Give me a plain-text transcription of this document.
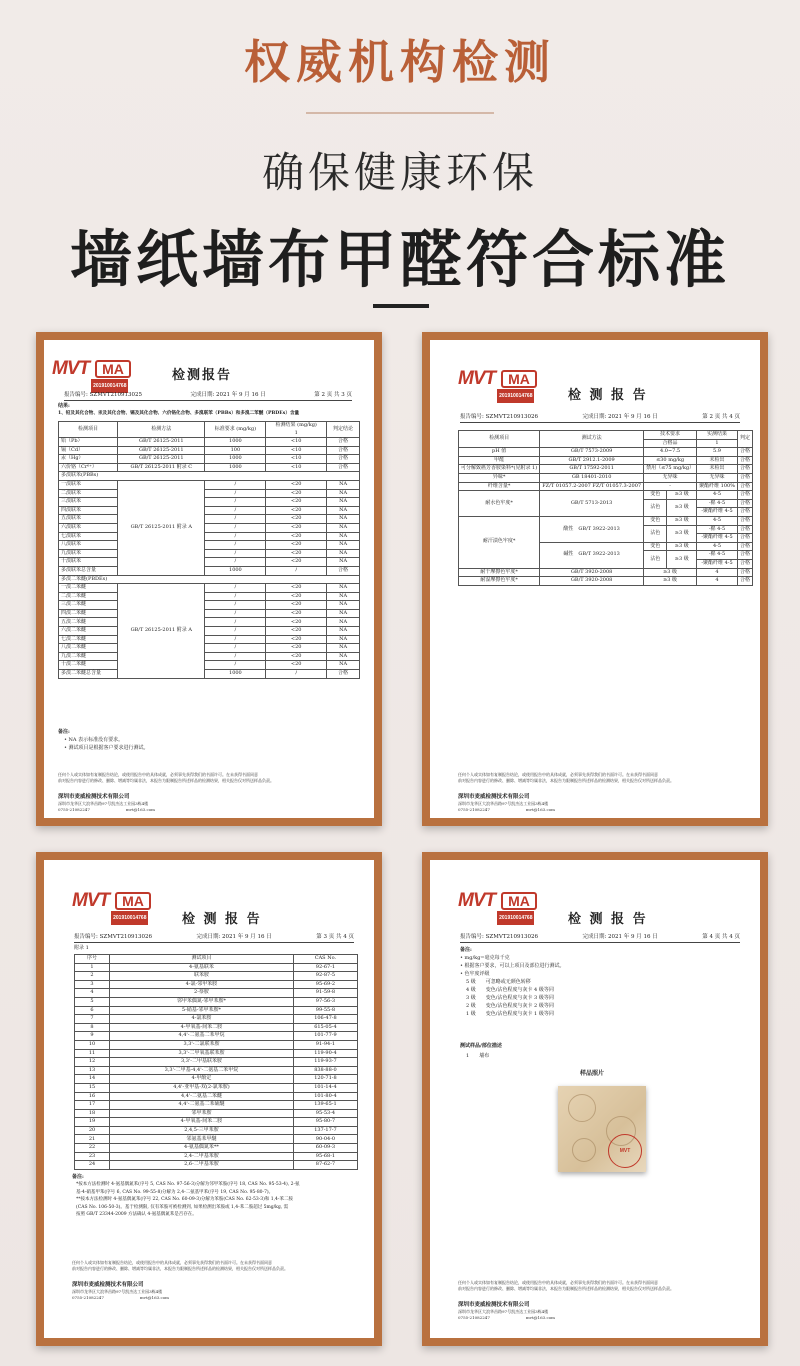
权威机构检测
确保健康环保
墙纸墙布甲醛符合标准
MVT MA
201910014768
检测报告
报告编号: SZMVT210913025	完成日期: 2021 年 9 月 16 日	第 2 页 共 3 页
结果:
1、铅及其化合物、汞及其化合物、镉及其化合物、六价铬化合物、多溴联苯（PBBs）和多溴二苯醚（PBDEs）含量
检测项目	检测方法	标准要求 (mg/kg)	检测结果 (mg/kg)
1	判定结论
铅（Pb）	GB/T 26125-2011	1000	<10	合格
镉（Cd）	GB/T 26125-2011	100	<10	合格
汞（Hg）	GB/T 26125-2011	1000	<10	合格
六价铬（Cr⁶⁺）	GB/T 26125-2011 附录 C	1000	<10	合格
多溴联苯(PBBs)				
一溴联苯	GB/T 26125-2011 附录 A	/	<20	NA
二溴联苯		/	<20	NA
三溴联苯		/	<20	NA
四溴联苯		/	<20	NA
五溴联苯		/	<20	NA
六溴联苯		/	<20	NA
七溴联苯		/	<20	NA
八溴联苯		/	<20	NA
九溴联苯		/	<20	NA
十溴联苯		/	<20	NA
多溴联苯总含量		1000	/	合格
多溴二苯醚(PBDEs)				
一溴二苯醚	GB/T 26125-2011 附录 A	/	<20	NA
二溴二苯醚		/	<20	NA
三溴二苯醚		/	<20	NA
四溴二苯醚		/	<20	NA
五溴二苯醚		/	<20	NA
六溴二苯醚		/	<20	NA
七溴二苯醚		/	<20	NA
八溴二苯醚		/	<20	NA
九溴二苯醚		/	<20	NA
十溴二苯醚		/	<20	NA
多溴二苯醚总含量		1000	/	合格
备注:
• NA 表示标准没有要求。
• 测试项目是根据客户要求进行测试。
任何个人或实体如有复制报告结论，或使用报告中的具体成就，必须事先获得我们的书面许可。在未获得书面同意
前对报告内容进行的修改、删除、增减等均属非法，本报告为限制报告所述样品的检测结果，相关报告仅对所送样品负责。
深圳市麦威检测技术有限公司
深圳市龙华区大浪华昌路97号凯杰达工业园3栋4楼
0755-21082247　　　　　　　　　	mvt@163.com
MVT MA
201910014768	检 测 报 告
报告编号: SZMVT210913026	完成日期: 2021 年 9 月 16 日	第 2 页 共 4 页
检测项目	测试方法	技术要求		实测结果	判定
		合格品		1	
pH 值	GB/T 7573-2009	4.0~7.5		5.9	合格
甲醛	GB/T 2912.1-2009	≤30 mg/kg		未检出	合格
可分解致癌芳香胺染料*(见附录 1)	GB/T 17592-2011	禁用（≤75 mg/kg）		未检出	合格
异味*	GB 18401-2010	无异味		无异味	合格
纤维含量*	FZ/T 01057.2-2007 FZ/T 01057.3-2007	-		聚酯纤维 100%	合格
耐水色牢度*	GB/T 5713-2013	变色	≥3 级	4-5	合格
		沾色	≥3 级	-棉 4-5	合格
				-聚酯纤维 4-5	合格
耐汗渍色牢度*	酸性　GB/T 3922-2013	变色	≥3 级	4-5	合格
		沾色	≥3 级	-棉 4-5	合格
				-聚酯纤维 4-5	合格
	碱性　GB/T 3922-2013	变色	≥3 级	4-5	合格
		沾色	≥3 级	-棉 4-5	合格
				-聚酯纤维 4-5	合格
耐干摩擦色牢度*	GB/T 3920-2008	≥3 级		4	合格
耐湿摩擦色牢度*	GB/T 3920-2008	≥3 级		4	合格
任何个人或实体如有复制报告结论，或使用报告中的具体成就，必须事先获得我们的书面许可。在未获得书面同意
前对报告内容进行的修改、删除、增减等均属非法，本报告为限制报告所述样品的检测结果，相关报告仅对所送样品负责。
深圳市麦威检测技术有限公司
深圳市龙华区大浪华昌路97号凯杰达工业园3栋4楼
0755-21082247　　　　　　　　　	mvt@163.com
MVT MA
201910014768	检 测 报 告
报告编号: SZMVT210913026	完成日期: 2021 年 9 月 16 日	第 3 页 共 4 页
附录 1
序号	测试项目	CAS No.
1	4-氨基联苯	92-67-1
2	联苯胺	92-87-5
3	4-氯-邻甲苯胺	95-69-2
4	2-萘胺	91-59-8
5	邻甲苯偶氮-邻甲苯胺*	97-56-3
6	5-硝基-邻甲苯胺*	99-55-8
7	4-氯苯胺	106-47-8
8	4-甲氧基-间苯二胺	615-05-4
9	4,4'-二氨基二苯甲烷	101-77-9
10	3,3'-二氯联苯胺	91-94-1
11	3,3'-二甲氧基联苯胺	119-90-4
12	3,3'-二甲基联苯胺	119-93-7
13	3,3'-二甲基-4,4'-二氨基二苯甲烷	838-88-0
14	4-甲酚定	120-71-8
15	4,4'-亚甲基-双(2-氯苯胺)	101-14-4
16	4,4'-二氨基二苯醚	101-80-4
17	4,4'-二氨基二苯硫醚	139-65-1
18	邻甲苯胺	95-53-4
19	4-甲氧基-间苯二胺	95-80-7
20	2,4,5-三甲苯胺	137-17-7
21	邻氨基苯甲醚	90-04-0
22	4-氨基偶氮苯**	60-09-3
23	2,4-二甲基苯胺	95-68-1
24	2,6-二甲基苯胺	87-62-7
备注:
*按本方法检测时 4-氨基偶氮苯(序号 5, CAS No. 97-56-3)分解为邻甲苯胺(序号 18, CAS No. 95-53-4), 2-氨
基-4-硝基甲苯(序号 6, CAS No. 99-55-8)分解为 2,4-二氨基甲苯(序号 19, CAS No. 95-80-7)。
**按本方法检测时 4-氨基偶氮苯(序号 22, CAS No. 60-09-3)分解为苯胺(CAS No. 62-53-3)和 1,4-苯二胺
(CAS No. 106-50-3)。基于检测限, 仅有苯胺可被检测到, 如果检测出苯胺或 1,4-苯二胺超过 5mg/kg, 需
按照 GB/T 23344-2009 方法确认 4-氨基偶氮苯是否存在。
任何个人或实体如有复制报告结论，或使用报告中的具体成就，必须事先获得我们的书面许可。在未获得书面同意
前对报告内容进行的修改、删除、增减等均属非法，本报告为限制报告所述样品的检测结果，相关报告仅对所送样品负责。
深圳市麦威检测技术有限公司
深圳市龙华区大浪华昌路97号凯杰达工业园3栋4楼
0755-21082247　　　　　　　　　	mvt@163.com
MVT MA
201910014768	检 测 报 告
报告编号: SZMVT210913026	完成日期: 2021 年 9 月 16 日	第 4 页 共 4 页
备注:
• mg/kg=毫克每千克
• 根据客户要求，可以上项目及部位进行测试。
• 色牢度评级
5 级　　可忽略或无颜色转移
4 级　　变色/沾色程度与灰卡 4 级等同
3 级　　变色/沾色程度与灰卡 3 级等同
2 级　　变色/沾色程度与灰卡 2 级等同
1 级　　变色/沾色程度与灰卡 1 级等同
测试样品/部位描述
1　　 墙布
样品照片
MVT
任何个人或实体如有复制报告结论，或使用报告中的具体成就，必须事先获得我们的书面许可。在未获得书面同意
前对报告内容进行的修改、删除、增减等均属非法，本报告为限制报告所述样品的检测结果，相关报告仅对所送样品负责。
深圳市麦威检测技术有限公司
深圳市龙华区大浪华昌路97号凯杰达工业园3栋4楼
0755-21082247　　　　　　　　　	mvt@163.com
